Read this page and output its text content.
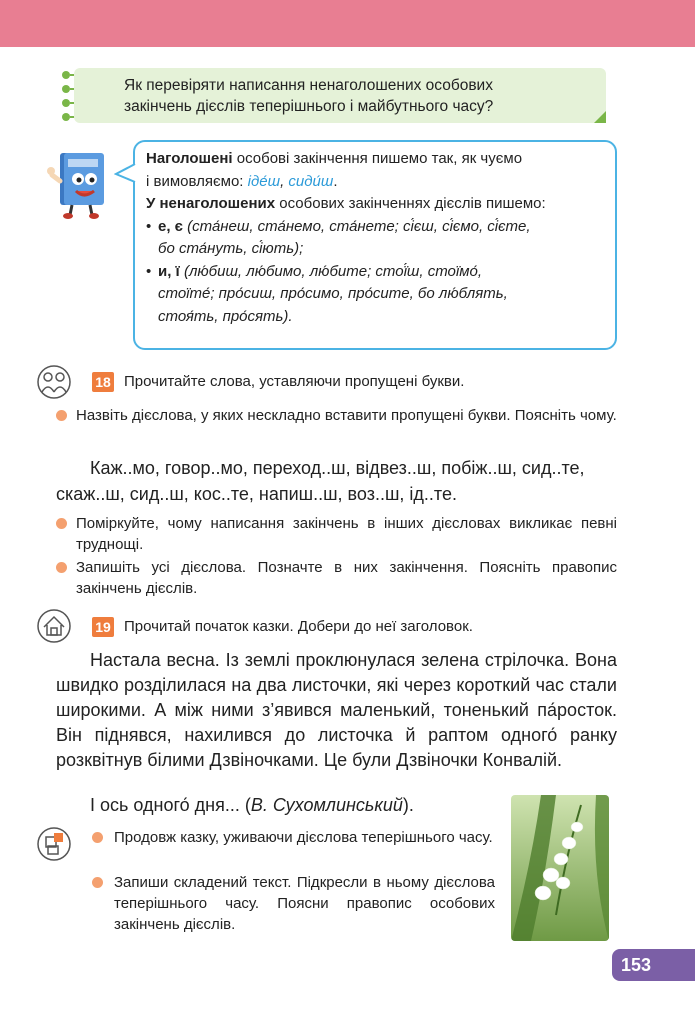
Як перевіряти написання ненаголошених особових
закінчень дієслів теперішнього і майбутнього часу?

Наголошені особові закінчення пишемо так, як чуємо

і вимовляємо: іде́ш, сиди́ш.

У ненаголошених особових закінченнях дієслів пишемо:

• е, є (ста́неш, ста́немо, ста́нете; сі́єш, сі́ємо, сі́єте,
бо ста́нуть, сі́ють);
• и, ї (лю́биш, лю́бимо, лю́бите; стої́ш, стоїмо́,
стоїте́; про́сиш, про́симо, про́сите, бо лю́блять,
стоя́ть, про́сять).
18 Прочитайте слова, уставляючи пропущені букви.
Назвіть дієслова, у яких нескладно вставити пропущені букви. Поясніть чому.
Каж..мо, говор..мо, переход..ш, відвез..ш, побіж..ш, сид..те,
скаж..ш, сид..ш, кос..те, напиш..ш, воз..ш, ід..те.
Поміркуйте, чому написання закінчень в інших дієсловах викликає певні труднощі.
Запишіть усі дієслова. Позначте в них закінчення. Поясніть правопис закінчень дієслів.
19 Прочитай початок казки. Добери до неї заголовок.
Настала весна. Із землі проклюнулася зелена стрілочка. Вона швидко розділилася на два листочки, які через короткий час стали широкими. А між ними з’явився маленький, тоненький па́росток. Він піднявся, нахилився до листочка й раптом одного́ ранку розквітнув білими Дзвіночками. Це були Дзвіночки Конвалій.
І ось одного́ дня... (В. Сухомлинський).
Продовж казку, уживаючи дієслова теперішнього часу.
Запиши складений текст. Підкресли в ньому дієслова теперішнього часу. Поясни правопис особових закінчень дієслів.
153
